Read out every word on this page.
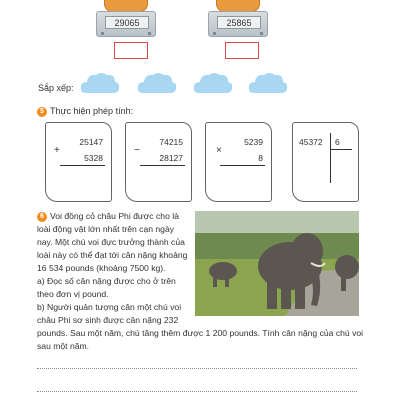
29065	25865
Sắp xếp:
5 Thực hiện phép tính:
25147
+
5328
74215
−
28127
5239
×
8
45372 6
6 Voi đồng cỏ châu Phi được cho là
loài động vật lớn nhất trên cạn ngày
nay. Một chú voi đực trưởng thành của
loài này có thể đạt tới cân nặng khoảng
16 534 pounds (khoảng 7500 kg).
a) Đọc số cân nặng được cho ở trên
theo đơn vị pound.
b) Người quản tượng cân một chú voi
châu Phi sơ sinh được cân nặng 232
pounds. Sau một năm, chú tăng thêm được 1 200 pounds. Tính cân nặng của chú voi
sau một năm.
